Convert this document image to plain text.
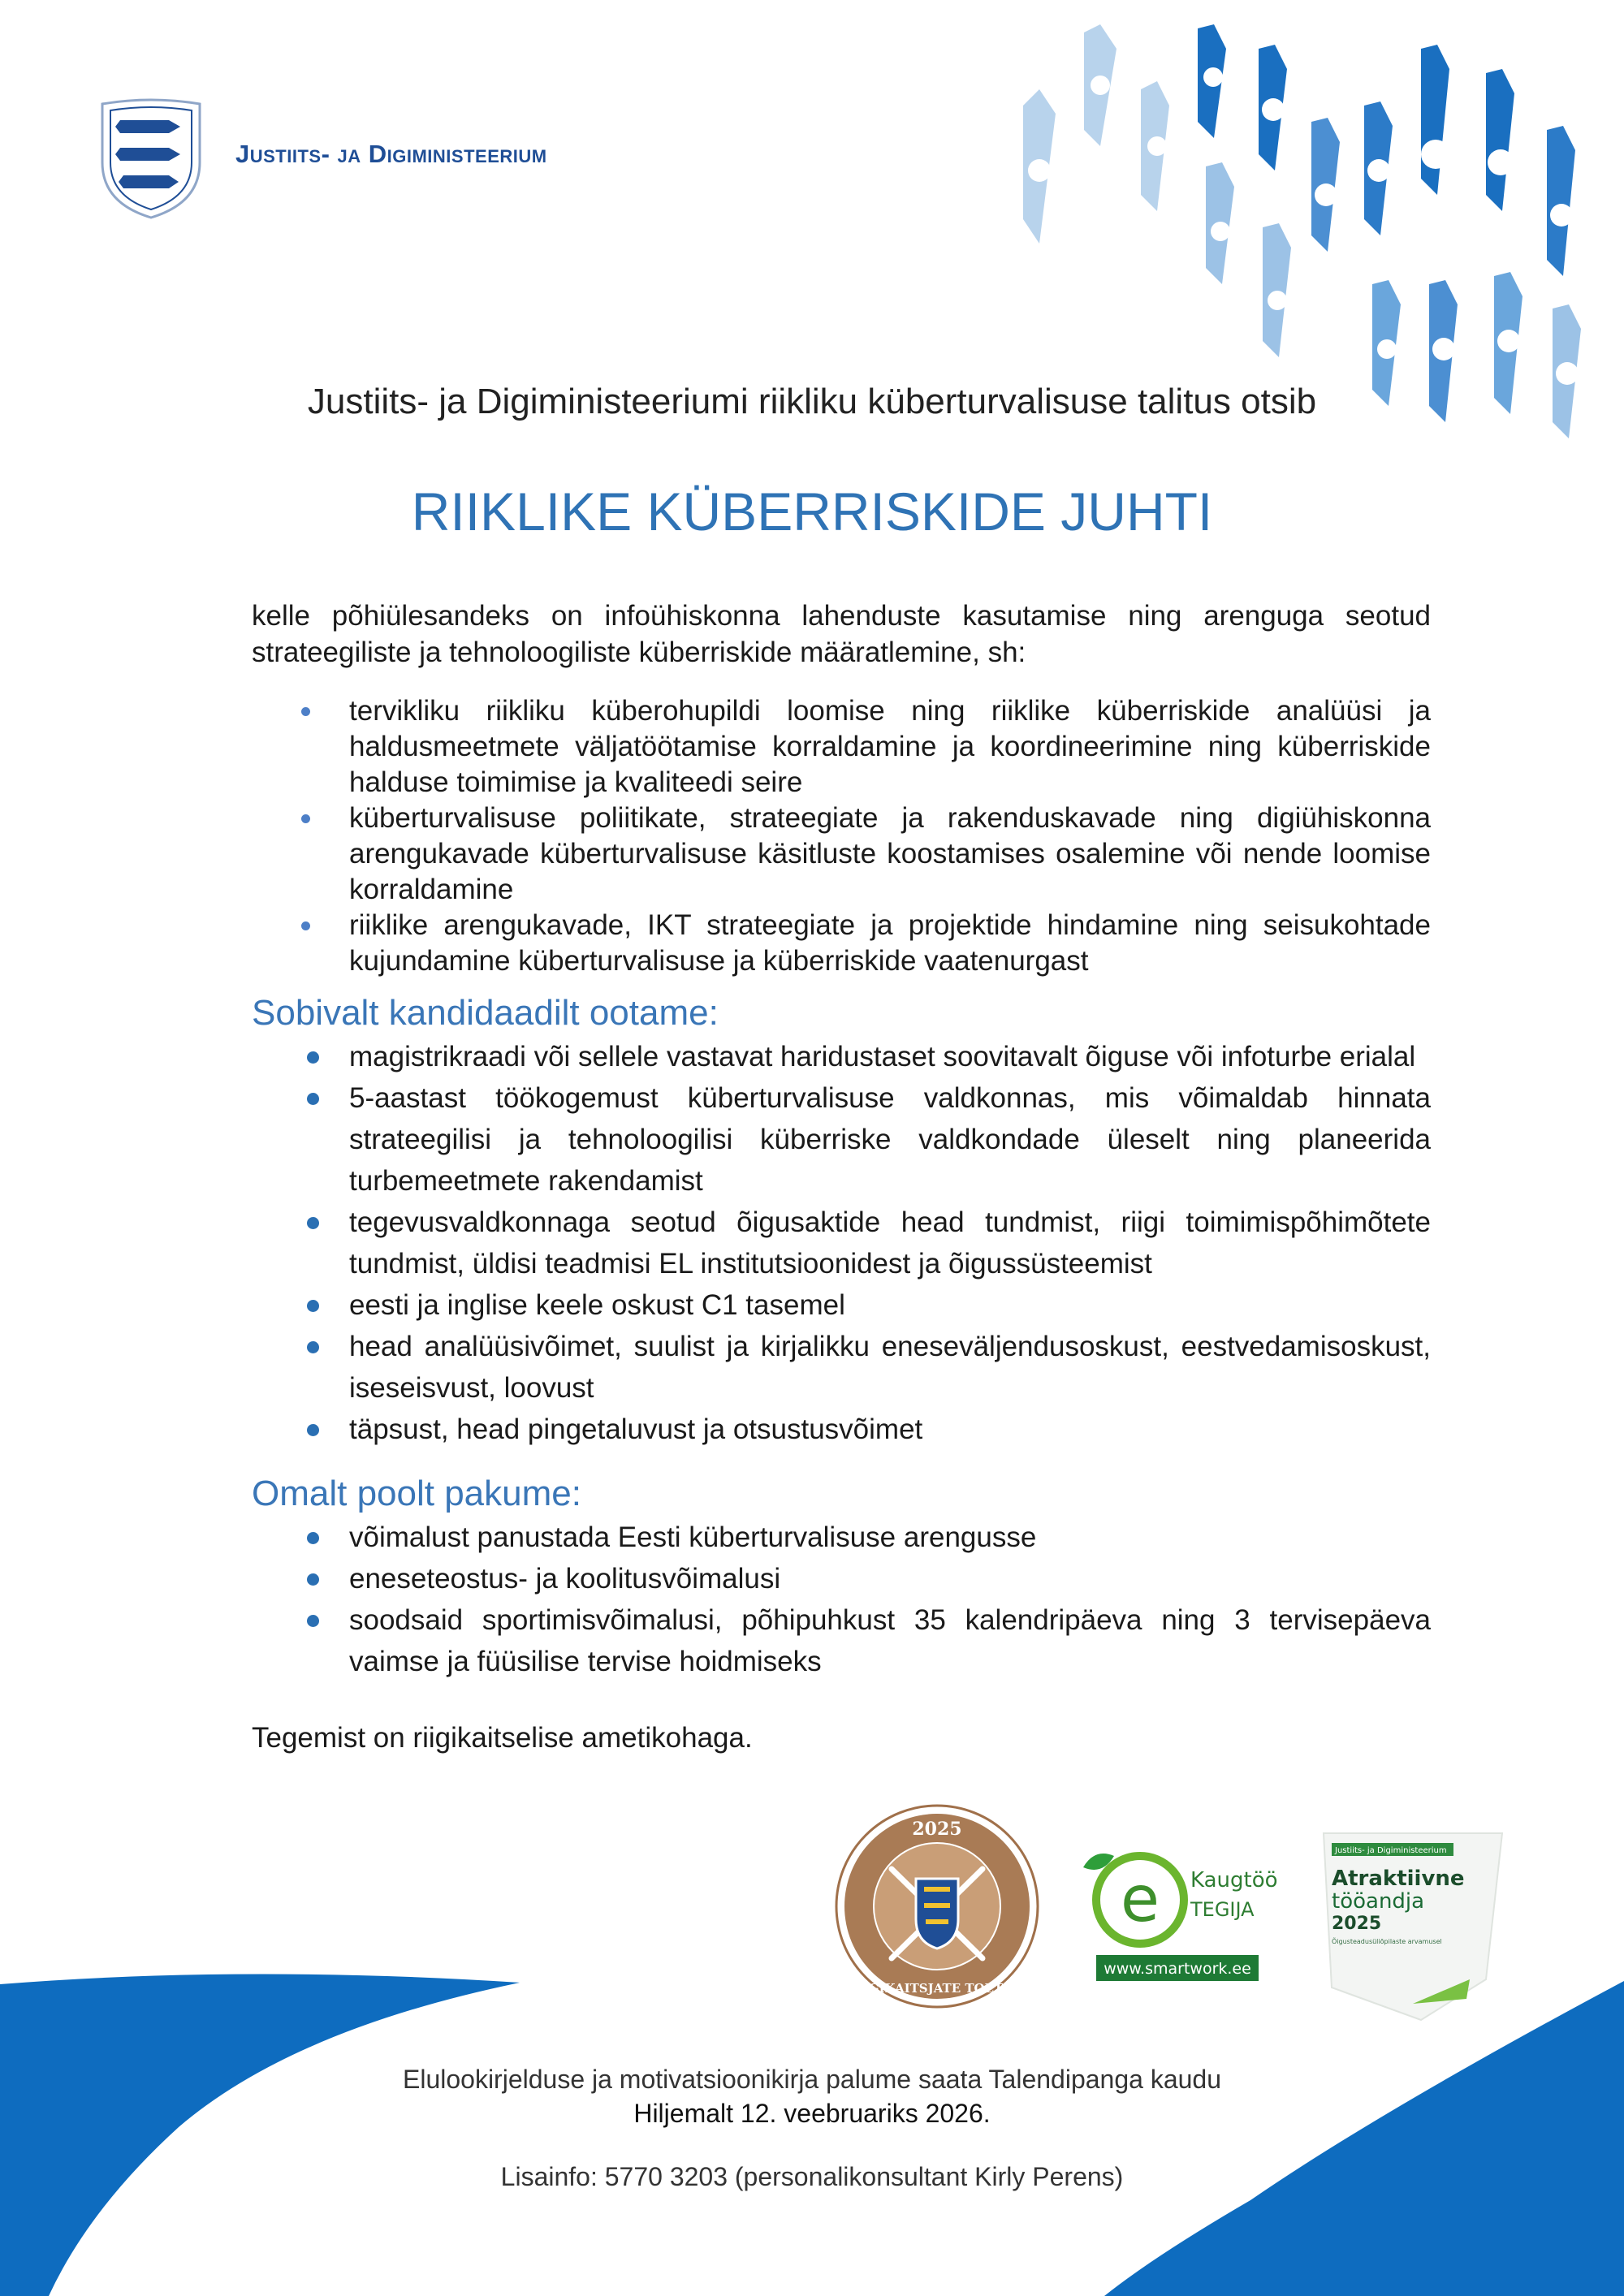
Justiits- ja Digiministeerium
Justiits- ja Digiministeeriumi riikliku küberturvalisuse talitus otsib
RIIKLIKE KÜBERRISKIDE JUHTI

kelle põhiülesandeks on infoühiskonna lahenduste kasutamise ning arenguga seotud strateegiliste ja tehnoloogiliste küberriskide määratlemine, sh:

tervikliku riikliku küberohupildi loomise ning riiklike küberriskide analüüsi ja haldusmeetmete väljatöötamise korraldamine ja koordineerimine ning küberriskide halduse toimimise ja kvaliteedi seire
küberturvalisuse poliitikate, strateegiate ja rakenduskavade ning digiühiskonna arengukavade küberturvalisuse käsitluste koostamises osalemine või nende loomise korraldamine
riiklike arengukavade, IKT strateegiate ja projektide hindamine ning seisukohtade kujundamine küberturvalisuse ja küberriskide vaatenurgast
Sobivalt kandidaadilt ootame:
magistrikraadi või sellele vastavat haridustaset soovitavalt õiguse või infoturbe erialal
5-aastast töökogemust küberturvalisuse valdkonnas, mis võimaldab hinnata strateegilisi ja tehnoloogilisi küberriske valdkondade üleselt ning planeerida turbemeetmete rakendamist
tegevusvaldkonnaga seotud õigusaktide head tundmist, riigi toimimispõhimõtete tundmist, üldisi teadmisi EL institutsioonidest ja õigussüsteemist
eesti ja inglise keele oskust C1 tasemel
head analüüsivõimet, suulist ja kirjalikku eneseväljendusoskust, eestvedamisoskust, iseseisvust, loovust
täpsust, head pingetaluvust ja otsustusvõimet
Omalt poolt pakume:
võimalust panustada Eesti küberturvalisuse arengusse
eneseteostus- ja koolitusvõimalusi
soodsaid sportimisvõimalusi, põhipuhkust 35 kalendripäeva ning 3 tervisepäeva vaimse ja füüsilise tervise hoidmiseks

Tegemist on riigikaitselise ametikohaga.

2025
RIIGIKAITSJATE TOETAJA
e Kaugtöö
TEGIJA
www.smartwork.ee
Justiits- ja Digiministeerium
Atraktiivne
tööandja
2025
Õigusteadusüliõpilaste arvamusel
Elulookirjelduse ja motivatsioonikirja palume saata Talendipanga kaudu
Hiljemalt 12. veebruariks 2026.
Lisainfo: 5770 3203 (personalikonsultant Kirly Perens)
